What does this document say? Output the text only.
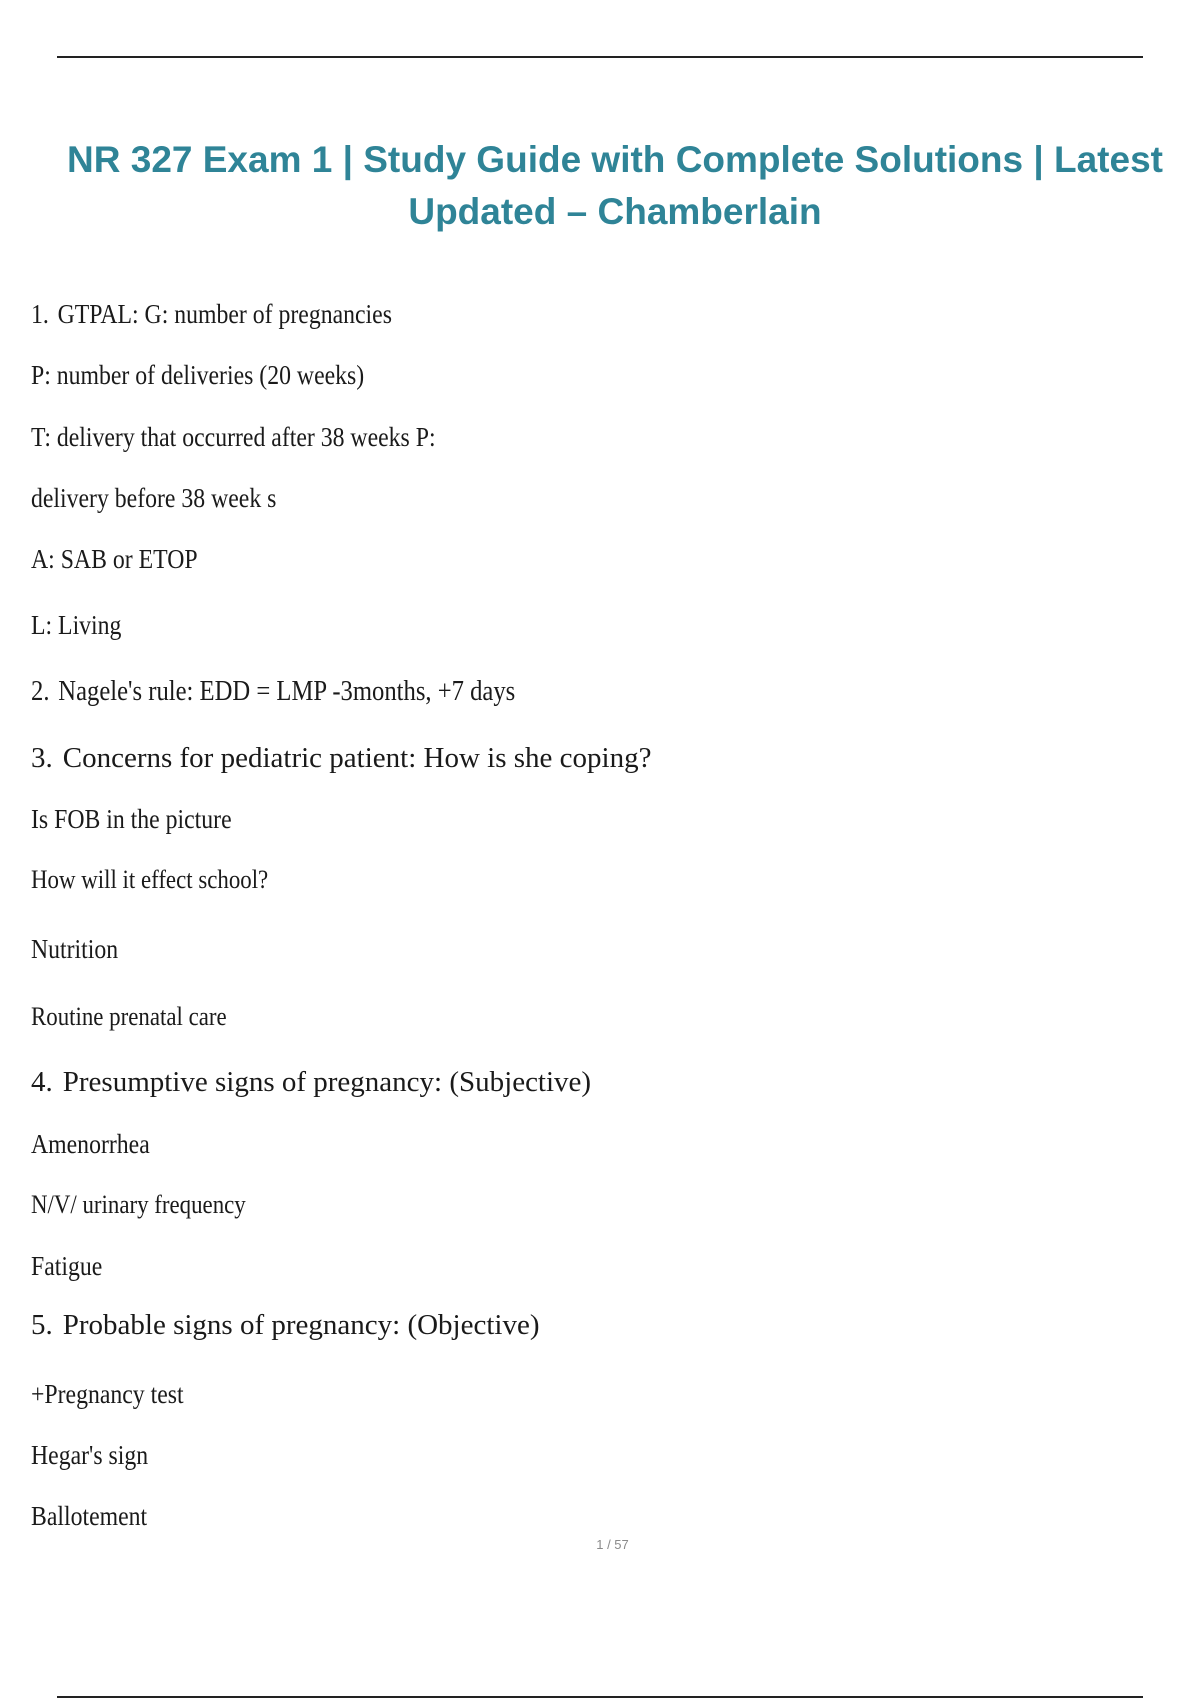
NR 327 Exam 1 | Study Guide with Complete Solutions | Latest
Updated – Chamberlain
1. GTPAL: G: number of pregnancies
P: number of deliveries (20 weeks)
T: delivery that occurred after 38 weeks P:
delivery before 38 week s
A: SAB or ETOP
L: Living
2. Nagele's rule: EDD = LMP -3months, +7 days
3. Concerns for pediatric patient: How is she coping?
Is FOB in the picture
How will it effect school?
Nutrition
Routine prenatal care
4. Presumptive signs of pregnancy: (Subjective)
Amenorrhea
N/V/ urinary frequency
Fatigue
5. Probable signs of pregnancy: (Objective)
+Pregnancy test
Hegar's sign
Ballotement
1 / 57
